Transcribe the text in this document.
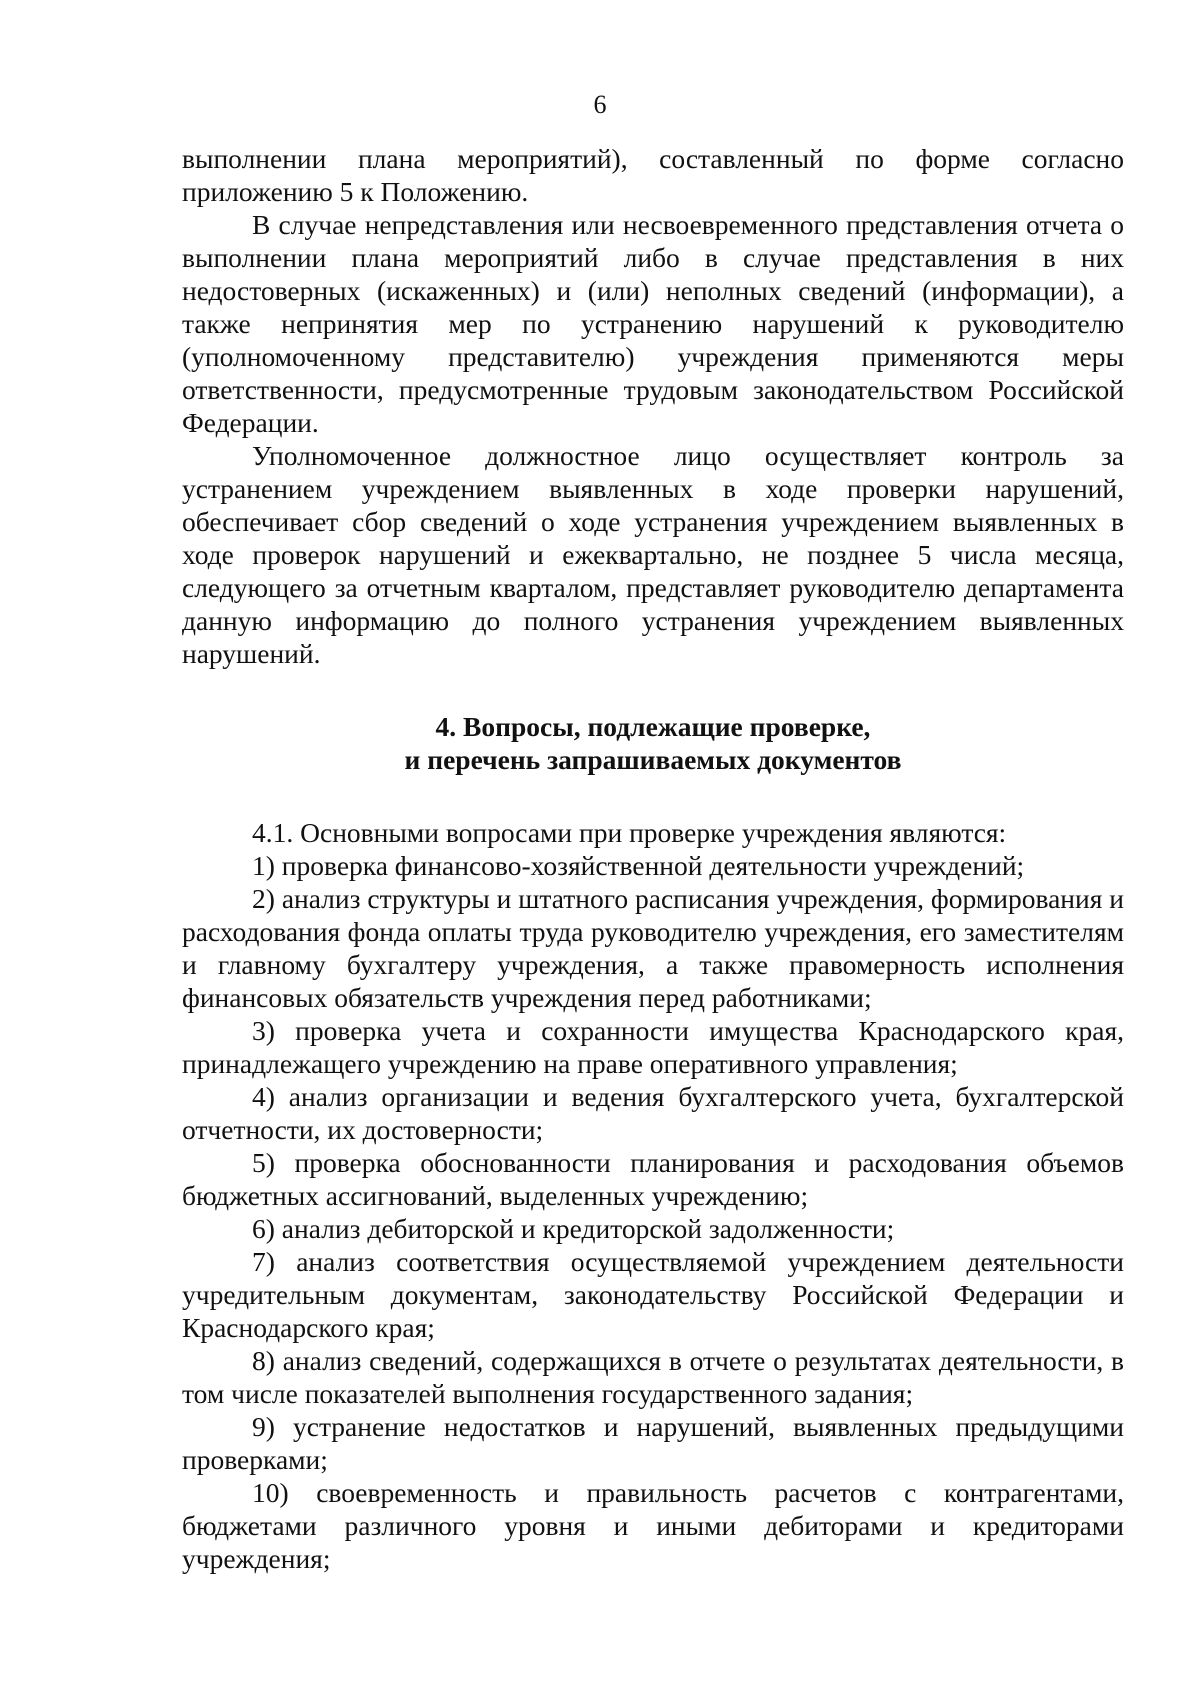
6

выполнении плана мероприятий), составленный по форме согласно приложению 5 к Положению.

В случае непредставления или несвоевременного представления отчета о выполнении плана мероприятий либо в случае представления в них недостоверных (искаженных) и (или) неполных сведений (информации), а также непринятия мер по устранению нарушений к руководителю (уполномоченному представителю) учреждения применяются меры ответственности, предусмотренные трудовым законодательством Российской Федерации.

Уполномоченное должностное лицо осуществляет контроль за устранением учреждением выявленных в ходе проверки нарушений, обеспечивает сбор сведений о ходе устранения учреждением выявленных в ходе проверок нарушений и ежеквартально, не позднее 5 числа месяца, следующего за отчетным кварталом, представляет руководителю департамента данную информацию до полного устранения учреждением выявленных нарушений.

4. Вопросы, подлежащие проверке,
и перечень запрашиваемых документов

4.1. Основными вопросами при проверке учреждения являются:

1) проверка финансово-хозяйственной деятельности учреждений;

2) анализ структуры и штатного расписания учреждения, формирования и расходования фонда оплаты труда руководителю учреждения, его заместителям и главному бухгалтеру учреждения, а также правомерность исполнения финансовых обязательств учреждения перед работниками;

3) проверка учета и сохранности имущества Краснодарского края, принадлежащего учреждению на праве оперативного управления;

4) анализ организации и ведения бухгалтерского учета, бухгалтерской отчетности, их достоверности;

5) проверка обоснованности планирования и расходования объемов бюджетных ассигнований, выделенных учреждению;

6) анализ дебиторской и кредиторской задолженности;

7) анализ соответствия осуществляемой учреждением деятельности учредительным документам, законодательству Российской Федерации и Краснодарского края;

8) анализ сведений, содержащихся в отчете о результатах деятельности, в том числе показателей выполнения государственного задания;

9) устранение недостатков и нарушений, выявленных предыдущими проверками;

10) своевременность и правильность расчетов с контрагентами, бюджетами различного уровня и иными дебиторами и кредиторами учреждения;
